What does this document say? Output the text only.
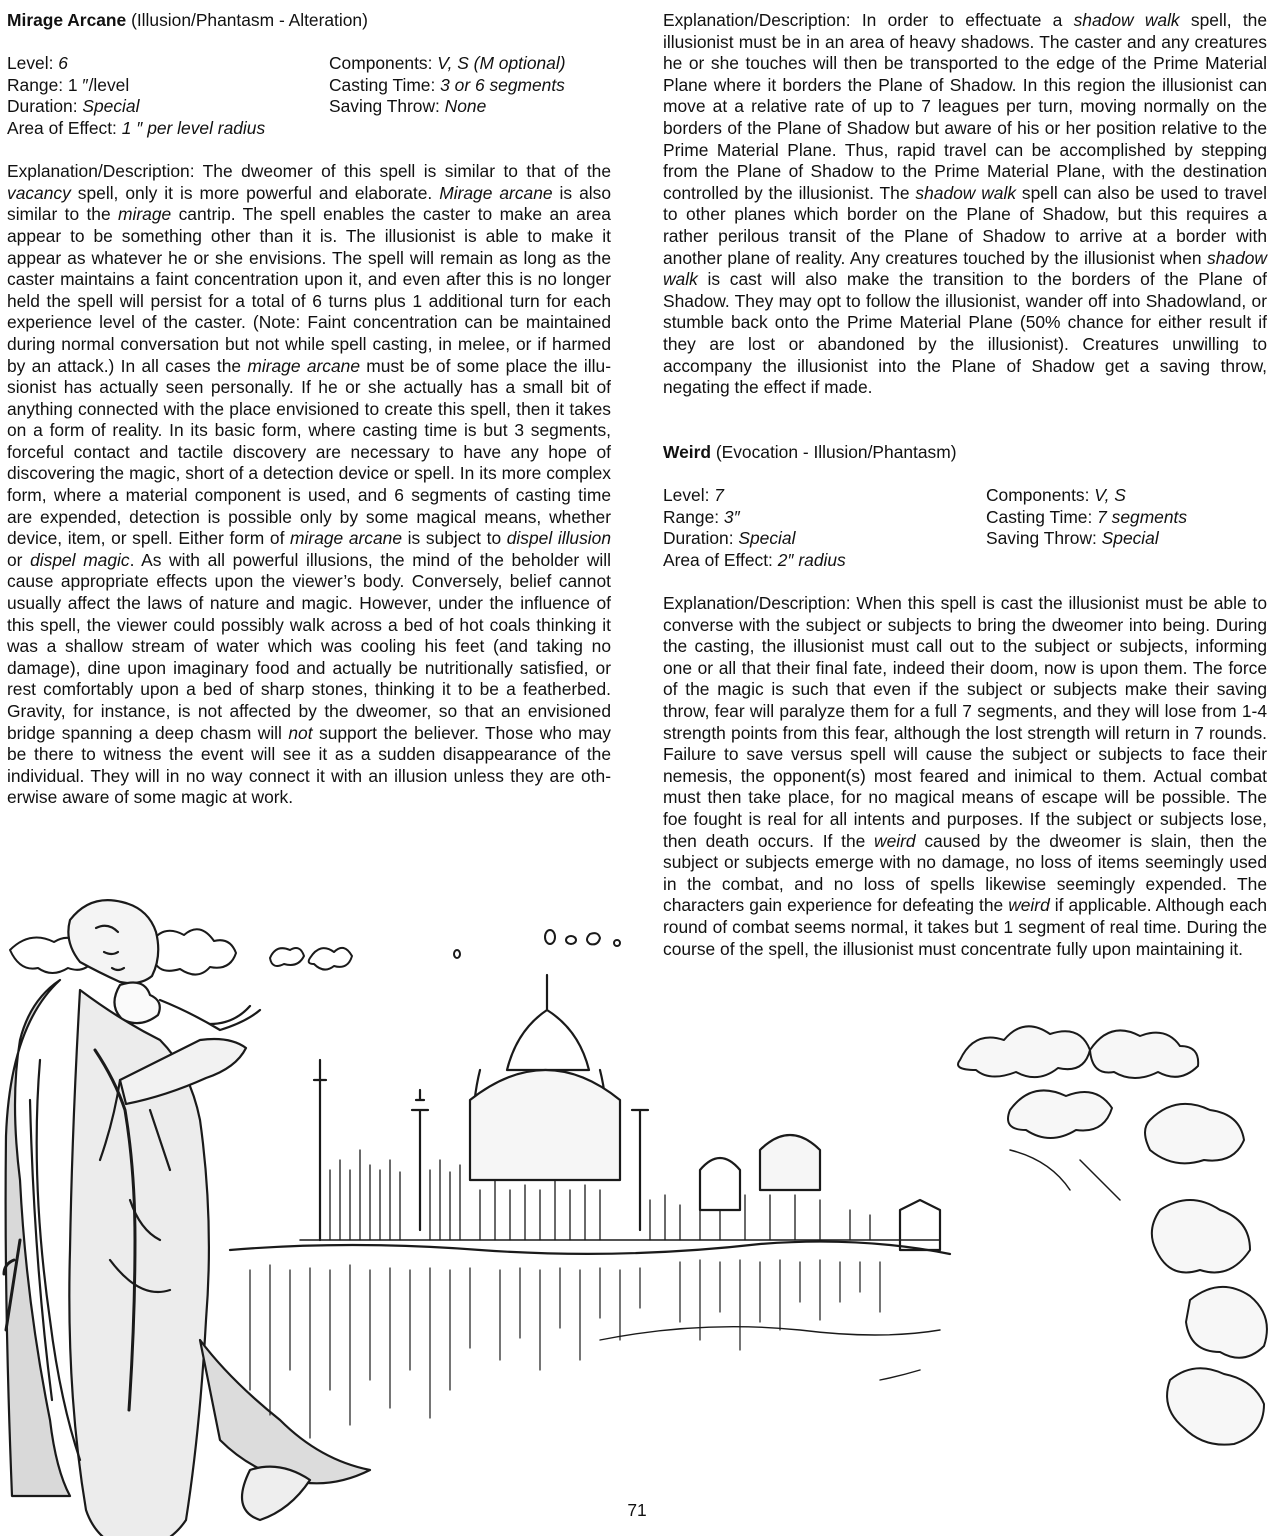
Mirage Arcane (Illusion/Phantasm - Alteration)

Level: 6	Components: V, S (M optional)
Range: 1 ″/level	Casting Time: 3 or 6 segments
Duration: Special	Saving Throw: None
Area of Effect: 1 ″ per level radius

Explanation/Description: The dweomer of this spell is similar to that of the vacancy spell, only it is more powerful and elaborate. Mirage arcane is also similar to the mirage cantrip. The spell enables the caster to make an area appear to be something other than it is. The illusionist is able to make it appear as whatever he or she envisions. The spell will remain as long as the caster maintains a faint concentration upon it, and even after this is no longer held the spell will persist for a total of 6 turns plus 1 additional turn for each experience level of the caster. (Note: Faint concentration can be maintained during normal conversation but not while spell casting, in melee, or if harmed by an attack.) In all cases the mirage arcane must be of some place the illusionist has actually seen personally. If he or she actually has a small bit of anything connected with the place envisioned to create this spell, then it takes on a form of reality. In its basic form, where casting time is but 3 segments, forceful contact and tactile discovery are necessary to have any hope of discovering the magic, short of a detection device or spell. In its more complex form, where a material component is used, and 6 segments of casting time are expended, detection is possible only by some magical means, whether device, item, or spell. Either form of mirage arcane is subject to dispel illusion or dispel magic. As with all powerful illusions, the mind of the beholder will cause appropriate effects upon the viewer’s body. Conversely, belief cannot usually affect the laws of nature and magic. However, under the influence of this spell, the viewer could possibly walk across a bed of hot coals thinking it was a shallow stream of water which was cooling his feet (and taking no damage), dine upon imaginary food and actually be nutritionally satisfied, or rest comfortably upon a bed of sharp stones, thinking it to be a featherbed. Gravity, for instance, is not affected by the dweomer, so that an envisioned bridge spanning a deep chasm will not support the believer. Those who may be there to witness the event will see it as a sudden disappearance of the individual. They will in no way connect it with an illusion unless they are otherwise aware of some magic at work.

Explanation/Description: In order to effectuate a shadow walk spell, the illusionist must be in an area of heavy shadows. The caster and any creatures he or she touches will then be transported to the edge of the Prime Material Plane where it borders the Plane of Shadow. In this region the illusionist can move at a relative rate of up to 7 leagues per turn, moving normally on the borders of the Plane of Shadow but aware of his or her position relative to the Prime Material Plane. Thus, rapid travel can be accomplished by stepping from the Plane of Shadow to the Prime Material Plane, with the destination controlled by the illusionist. The shadow walk spell can also be used to travel to other planes which border on the Plane of Shadow, but this requires a rather perilous transit of the Plane of Shadow to arrive at a border with another plane of reality. Any creatures touched by the illusionist when shadow walk is cast will also make the transition to the borders of the Plane of Shadow. They may opt to follow the illusionist, wander off into Shadowland, or stumble back onto the Prime Material Plane (50% chance for either result if they are lost or abandoned by the illusionist). Creatures unwilling to accompany the illusionist into the Plane of Shadow get a saving throw, negating the effect if made.

Weird (Evocation - Illusion/Phantasm)

Level: 7	Components: V, S
Range: 3″	Casting Time: 7 segments
Duration: Special	Saving Throw: Special
Area of Effect: 2″ radius

Explanation/Description: When this spell is cast the illusionist must be able to converse with the subject or subjects to bring the dweomer into being. During the casting, the illusionist must call out to the subject or subjects, informing one or all that their final fate, indeed their doom, now is upon them. The force of the magic is such that even if the subject or subjects make their saving throw, fear will paralyze them for a full 7 segments, and they will lose from 1-4 strength points from this fear, although the lost strength will return in 7 rounds. Failure to save versus spell will cause the subject or subjects to face their nemesis, the opponent(s) most feared and inimical to them. Actual combat must then take place, for no magical means of escape will be possible. The foe fought is real for all intents and purposes. If the subject or subjects lose, then death occurs. If the weird caused by the dweomer is slain, then the subject or subjects emerge with no damage, no loss of items seemingly used in the combat, and no loss of spells likewise seemingly expended. The characters gain experience for defeating the weird if applicable. Although each round of combat seems normal, it takes but 1 segment of real time. During the course of the spell, the illusionist must concentrate fully upon maintaining it.

71
